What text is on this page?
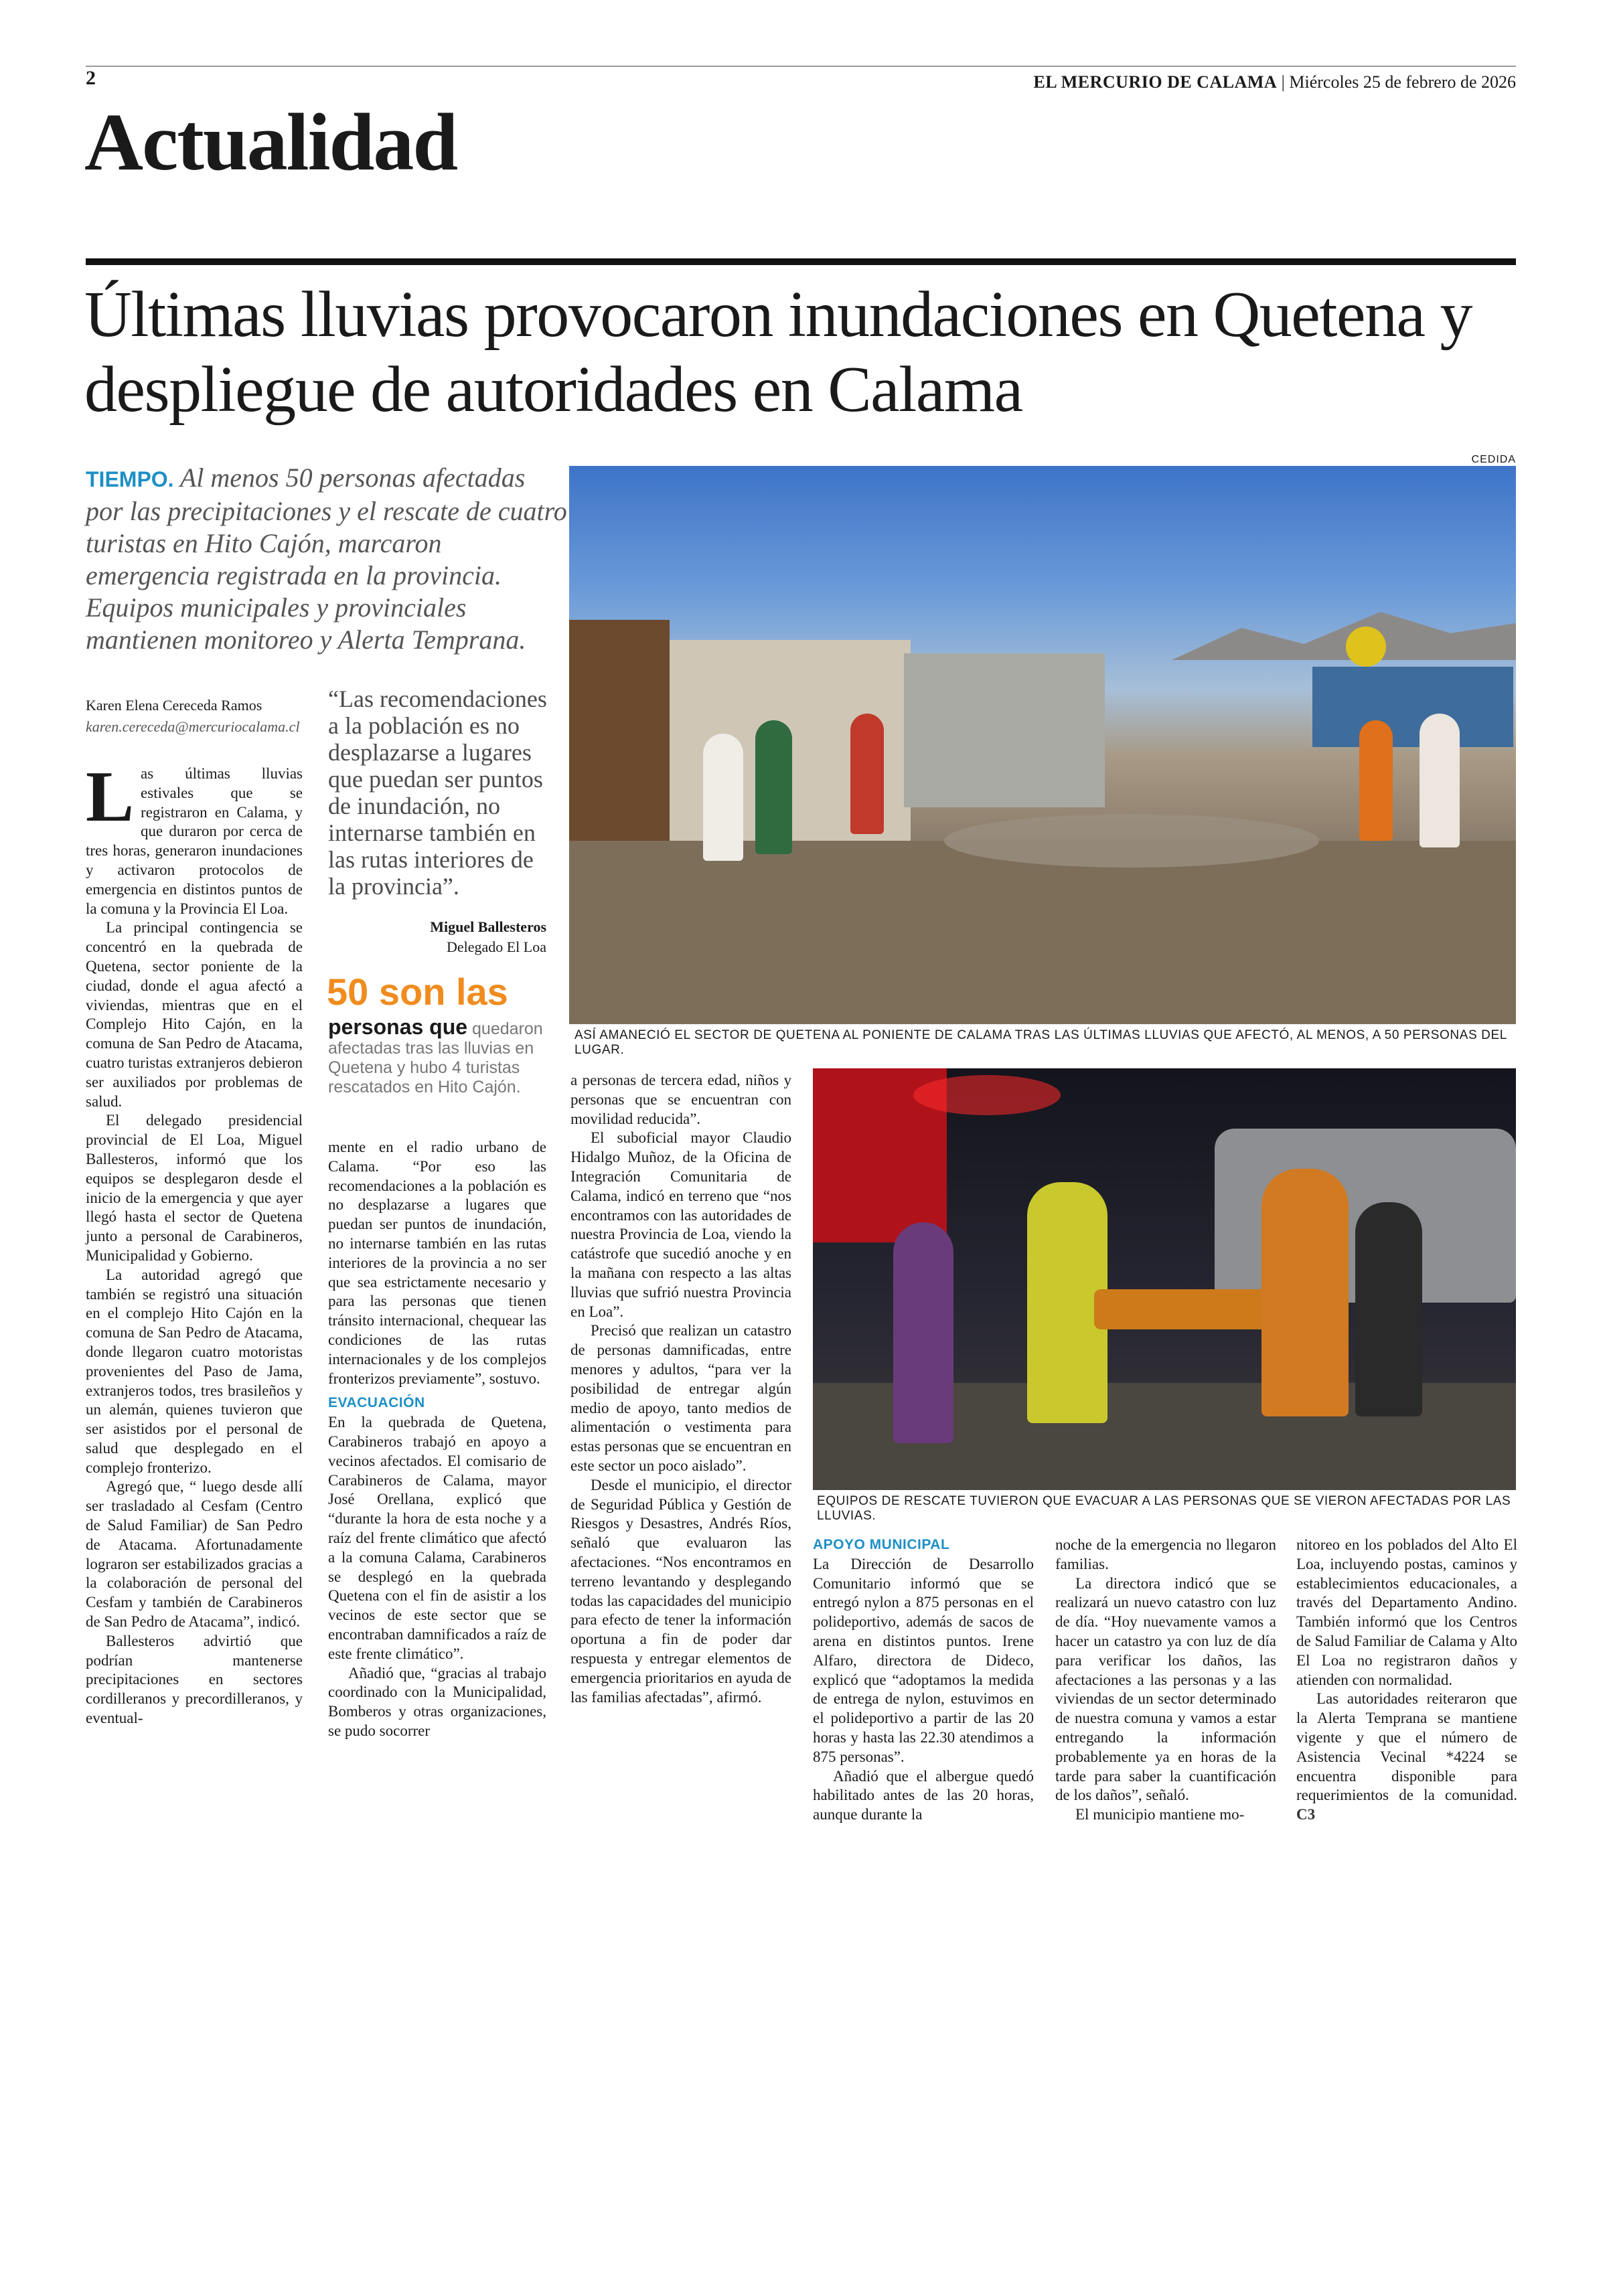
2	EL MERCURIO DE CALAMA | Miércoles 25 de febrero de 2026
Actualidad
Últimas lluvias provocaron inundaciones en Quetena y despliegue de autoridades en Calama
TIEMPO. Al menos 50 personas afectadas por las precipitaciones y el rescate de cuatro turistas en Hito Cajón, marcaron emergencia registrada en la provincia. Equipos municipales y provinciales mantienen monitoreo y Alerta Temprana.
CEDIDA
ASÍ AMANECIÓ EL SECTOR DE QUETENA AL PONIENTE DE CALAMA TRAS LAS ÚLTIMAS LLUVIAS QUE AFECTÓ, AL MENOS, A 50 PERSONAS DEL LUGAR.
EQUIPOS DE RESCATE TUVIERON QUE EVACUAR A LAS PERSONAS QUE SE VIERON AFECTADAS POR LAS LLUVIAS.
Karen Elena Cereceda Ramos
karen.cereceda@mercuriocalama.cl
“Las recomendaciones a la población es no desplazarse a lugares que puedan ser puntos de inundación, no internarse también en las rutas interiores de la provincia”.
Miguel Ballesteros
Delegado El Loa
50 son las
personas que quedaron afectadas tras las lluvias en Quetena y hubo 4 turistas rescatados en Hito Cajón.

Las últimas lluvias estivales que se registraron en Calama, y que duraron por cerca de tres horas, generaron inundaciones y activaron protocolos de emergencia en distintos puntos de la comuna y la Provincia El Loa.

La principal contingencia se concentró en la quebrada de Quetena, sector poniente de la ciudad, donde el agua afectó a viviendas, mientras que en el Complejo Hito Cajón, en la comuna de San Pedro de Atacama, cuatro turistas extranjeros debieron ser auxiliados por problemas de salud.

El delegado presidencial provincial de El Loa, Miguel Ballesteros, informó que los equipos se desplegaron desde el inicio de la emergencia y que ayer llegó hasta el sector de Quetena junto a personal de Carabineros, Municipalidad y Gobierno.

La autoridad agregó que también se registró una situación en el complejo Hito Cajón en la comuna de San Pedro de Atacama, donde llegaron cuatro motoristas provenientes del Paso de Jama, extranjeros todos, tres brasileños y un alemán, quienes tuvieron que ser asistidos por el personal de salud que desplegado en el complejo fronterizo.

Agregó que, “ luego desde allí ser trasladado al Cesfam (Centro de Salud Familiar) de San Pedro de Atacama. Afortunadamente lograron ser estabilizados gracias a la colaboración de personal del Cesfam y también de Carabineros de San Pedro de Atacama”, indicó.

Ballesteros advirtió que podrían mantenerse precipitaciones en sectores cordilleranos y precordilleranos, y eventual-

mente en el radio urbano de Calama. “Por eso las recomendaciones a la población es no desplazarse a lugares que puedan ser puntos de inundación, no internarse también en las rutas interiores de la provincia a no ser que sea estrictamente necesario y para las personas que tienen tránsito internacional, chequear las condiciones de las rutas internacionales y de los complejos fronterizos previamente”, sostuvo.

EVACUACIÓN

En la quebrada de Quetena, Carabineros trabajó en apoyo a vecinos afectados. El comisario de Carabineros de Calama, mayor José Orellana, explicó que “durante la hora de esta noche y a raíz del frente climático que afectó a la comuna Calama, Carabineros se desplegó en la quebrada Quetena con el fin de asistir a los vecinos de este sector que se encontraban damnificados a raíz de este frente climático”.

Añadió que, “gracias al trabajo coordinado con la Municipalidad, Bomberos y otras organizaciones, se pudo socorrer

a personas de tercera edad, niños y personas que se encuentran con movilidad reducida”.

El suboficial mayor Claudio Hidalgo Muñoz, de la Oficina de Integración Comunitaria de Calama, indicó en terreno que “nos encontramos con las autoridades de nuestra Provincia de Loa, viendo la catástrofe que sucedió anoche y en la mañana con respecto a las altas lluvias que sufrió nuestra Provincia en Loa”.

Precisó que realizan un catastro de personas damnificadas, entre menores y adultos, “para ver la posibilidad de entregar algún medio de apoyo, tanto medios de alimentación o vestimenta para estas personas que se encuentran en este sector un poco aislado”.

Desde el municipio, el director de Seguridad Pública y Gestión de Riesgos y Desastres, Andrés Ríos, señaló que evaluaron las afectaciones. “Nos encontramos en terreno levantando y desplegando todas las capacidades del municipio para efecto de tener la información oportuna a fin de poder dar respuesta y entregar elementos de emergencia prioritarios en ayuda de las familias afectadas”, afirmó.

APOYO MUNICIPAL

La Dirección de Desarrollo Comunitario informó que se entregó nylon a 875 personas en el polideportivo, además de sacos de arena en distintos puntos. Irene Alfaro, directora de Dideco, explicó que “adoptamos la medida de entrega de nylon, estuvimos en el polideportivo a partir de las 20 horas y hasta las 22.30 atendimos a 875 personas”.

Añadió que el albergue quedó habilitado antes de las 20 horas, aunque durante la

noche de la emergencia no llegaron familias.

La directora indicó que se realizará un nuevo catastro con luz de día. “Hoy nuevamente vamos a hacer un catastro ya con luz de día para verificar los daños, las afectaciones a las personas y a las viviendas de un sector determinado de nuestra comuna y vamos a estar entregando la información probablemente ya en horas de la tarde para saber la cuantificación de los daños”, señaló.

El municipio mantiene mo-

nitoreo en los poblados del Alto El Loa, incluyendo postas, caminos y establecimientos educacionales, a través del Departamento Andino. También informó que los Centros de Salud Familiar de Calama y Alto El Loa no registraron daños y atienden con normalidad.

Las autoridades reiteraron que la Alerta Temprana se mantiene vigente y que el número de Asistencia Vecinal *4224 se encuentra disponible para requerimientos de la comunidad. C3
